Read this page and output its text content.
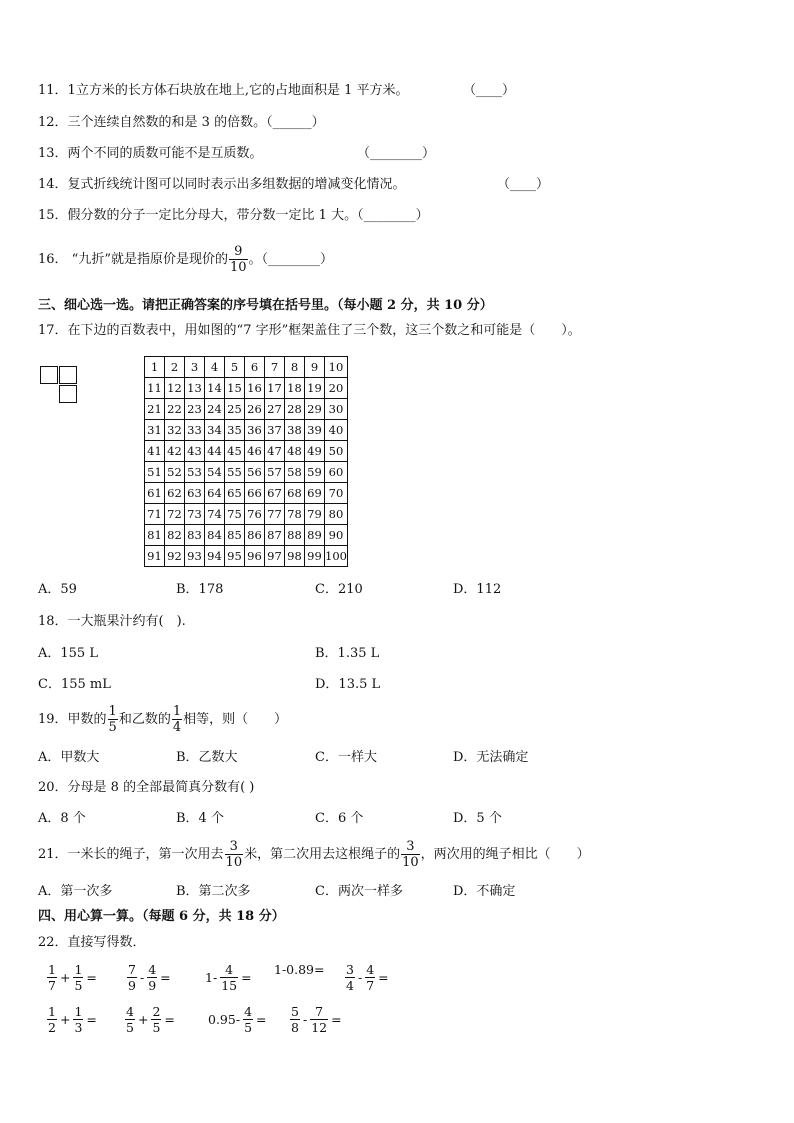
11．1立方米的长方体石块放在地上,它的占地面积是 1 平方米。	（____）
12．三个连续自然数的和是 3 的倍数。（______）
13．两个不同的质数可能不是互质数。	（________）
14．复式折线统计图可以同时表示出多组数据的增减变化情况。	（____）
15．假分数的分子一定比分母大，带分数一定比 1 大。（________）
16． “九折”就是指原价是现价的 $\frac{9}{10}$ 。（________）
三、细心选一选。请把正确答案的序号填在括号里。（每小题 2 分，共 10 分）
17．在下边的百数表中，用如图的“7 字形”框架盖住了三个数，这三个数之和可能是（　　）。
1	2	3	4	5	6	7	8	9	10
11	12	13	14	15	16	17	18	19	20
21	22	23	24	25	26	27	28	29	30
31	32	33	34	35	36	37	38	39	40
41	42	43	44	45	46	47	48	49	50
51	52	53	54	55	56	57	58	59	60
61	62	63	64	65	66	67	68	69	70
71	72	73	74	75	76	77	78	79	80
81	82	83	84	85	86	87	88	89	90
91	92	93	94	95	96	97	98	99	100
A．59	B．178	C．210	D．112
18．一大瓶果汁约有(　).
A．155 L	B．1.35 L
C．155 mL	D．13.5 L
19．甲数的 $\frac{1}{5}$ 和乙数的 $\frac{1}{4}$ 相等，则（　　）
A．甲数大	B．乙数大	C．一样大	D．无法确定
20．分母是 8 的全部最简真分数有( )
A．8 个	B．4 个	C．6 个	D．5 个
21．一米长的绳子，第一次用去 $\frac{3}{10}$ 米，第二次用去这根绳子的 $\frac{3}{10}$ ，两次用的绳子相比（　　）
A．第一次多	B．第二次多	C．两次一样多	D．不确定
四、用心算一算。（每题 6 分，共 18 分）
22．直接写得数．
$\frac{1}{7} + \frac{1}{5} = \frac{7}{9} - \frac{4}{9}$ =	$1- \frac{4}{15}$ =
$1-0.89= \frac{3}{4} - \frac{4}{7}$ =
$\frac{1}{2} + \frac{1}{3} = \frac{4}{5} + \frac{2}{5}$ =	$0.95- \frac{4}{5} = \frac{5}{8} - \frac{7}{12}$ =
